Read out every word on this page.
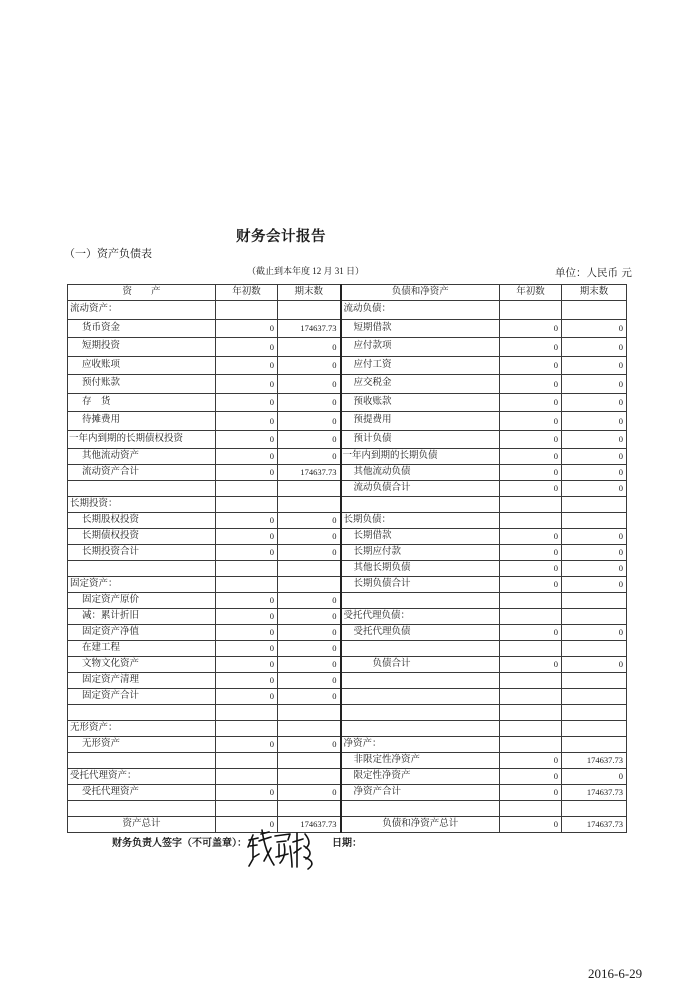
财务会计报告
（一）资产负债表
（截止到本年度 12 月 31 日）	单位：人民币 元
资　　产	年初数	期末数	负债和净资产	年初数	期末数
流动资产：			流动负债：		
货币资金	0	174637.73	短期借款	0	0
短期投资	0	0	应付款项	0	0
应收账项	0	0	应付工资	0	0
预付账款	0	0	应交税金	0	0
存　货	0	0	预收账款	0	0
待摊费用	0	0	预提费用	0	0
一年内到期的长期债权投资	0	0	预计负债	0	0
其他流动资产	0	0	一年内到期的长期负债	0	0
流动资产合计	0	174637.73	其他流动负债	0	0
			流动负债合计	0	0
长期投资：					
长期股权投资	0	0	长期负债：		
长期债权投资	0	0	长期借款	0	0
长期投资合计	0	0	长期应付款	0	0
			其他长期负债	0	0
固定资产：			长期负债合计	0	0
固定资产原价	0	0			
减：累计折旧	0	0	受托代理负债：		
固定资产净值	0	0	受托代理负债	0	0
在建工程	0	0			
文物文化资产	0	0	负债合计	0	0
固定资产清理	0	0			
固定资产合计	0	0			

无形资产：					
无形资产	0	0	净资产：		
			非限定性净资产	0	174637.73
受托代理资产：			限定性净资产	0	0
受托代理资产	0	0	净资产合计	0	174637.73

资产总计	0	174637.73	负债和净资产总计	0	174637.73
财务负责人签字（不可盖章）：	日期：
2016-6-29
